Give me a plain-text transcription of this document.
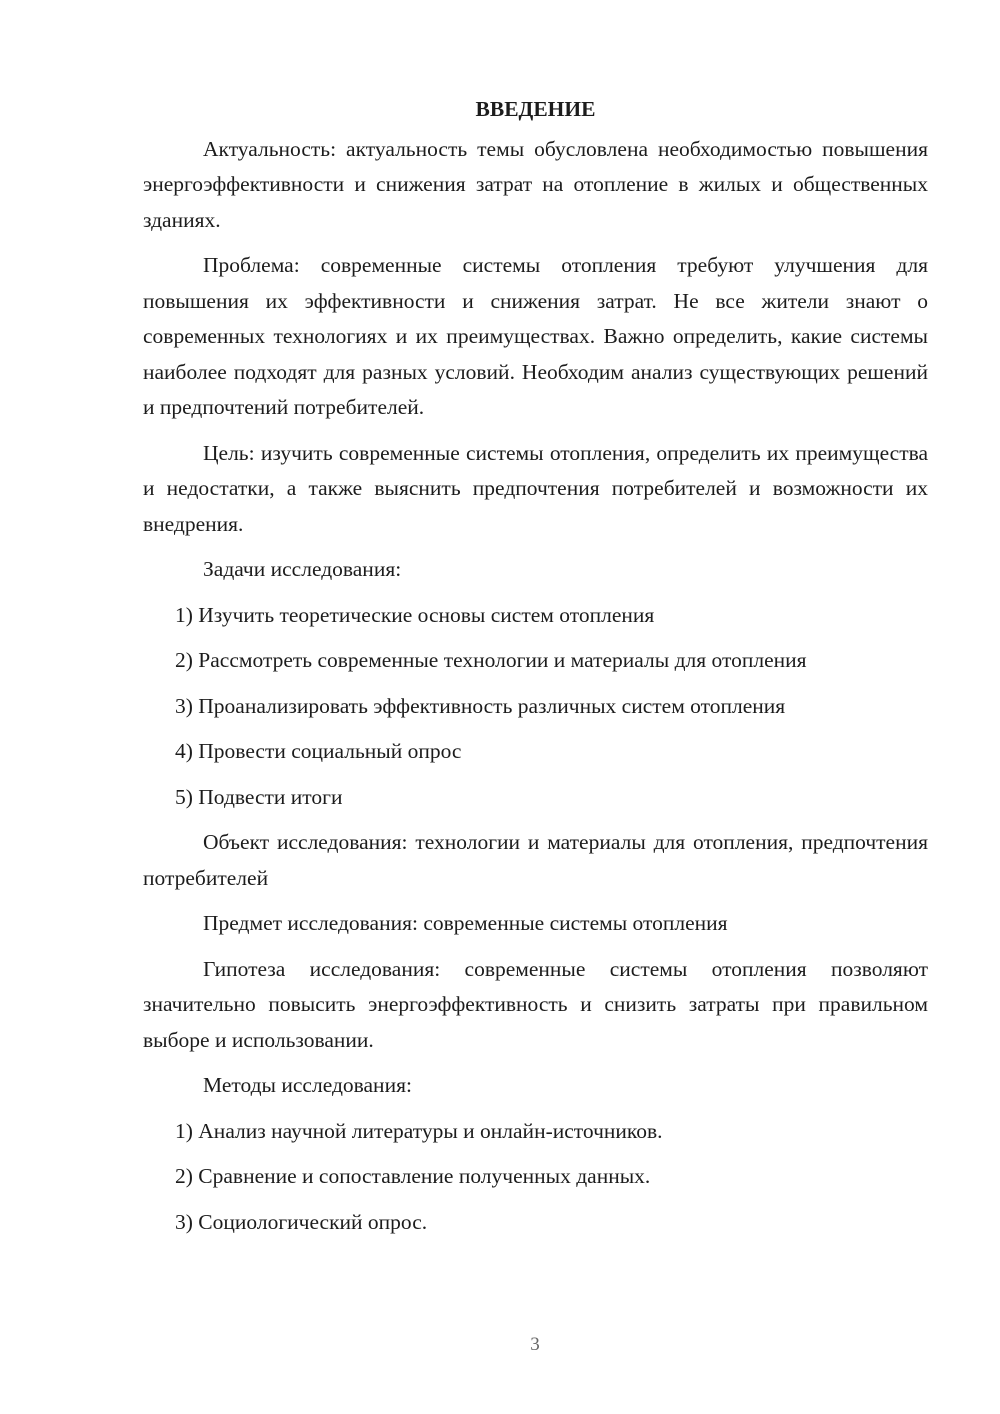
ВВЕДЕНИЕ

Актуальность: актуальность темы обусловлена необходимостью повышения энергоэффективности и снижения затрат на отопление в жилых и общественных зданиях.

Проблема: современные системы отопления требуют улучшения для повышения их эффективности и снижения затрат. Не все жители знают о современных технологиях и их преимуществах. Важно определить, какие системы наиболее подходят для разных условий. Необходим анализ существующих решений и предпочтений потребителей.

Цель: изучить современные системы отопления, определить их преимущества и недостатки, а также выяснить предпочтения потребителей и возможности их внедрения.

Задачи исследования:

1) Изучить теоретические основы систем отопления

2) Рассмотреть современные технологии и материалы для отопления

3) Проанализировать эффективность различных систем отопления

4) Провести социальный опрос

5) Подвести итоги

Объект исследования: технологии и материалы для отопления, предпочтения потребителей

Предмет исследования: современные системы отопления

Гипотеза исследования: современные системы отопления позволяют значительно повысить энергоэффективность и снизить затраты при правильном выборе и использовании.

Методы исследования:

1) Анализ научной литературы и онлайн-источников.

2) Сравнение и сопоставление полученных данных.

3) Социологический опрос.

3
